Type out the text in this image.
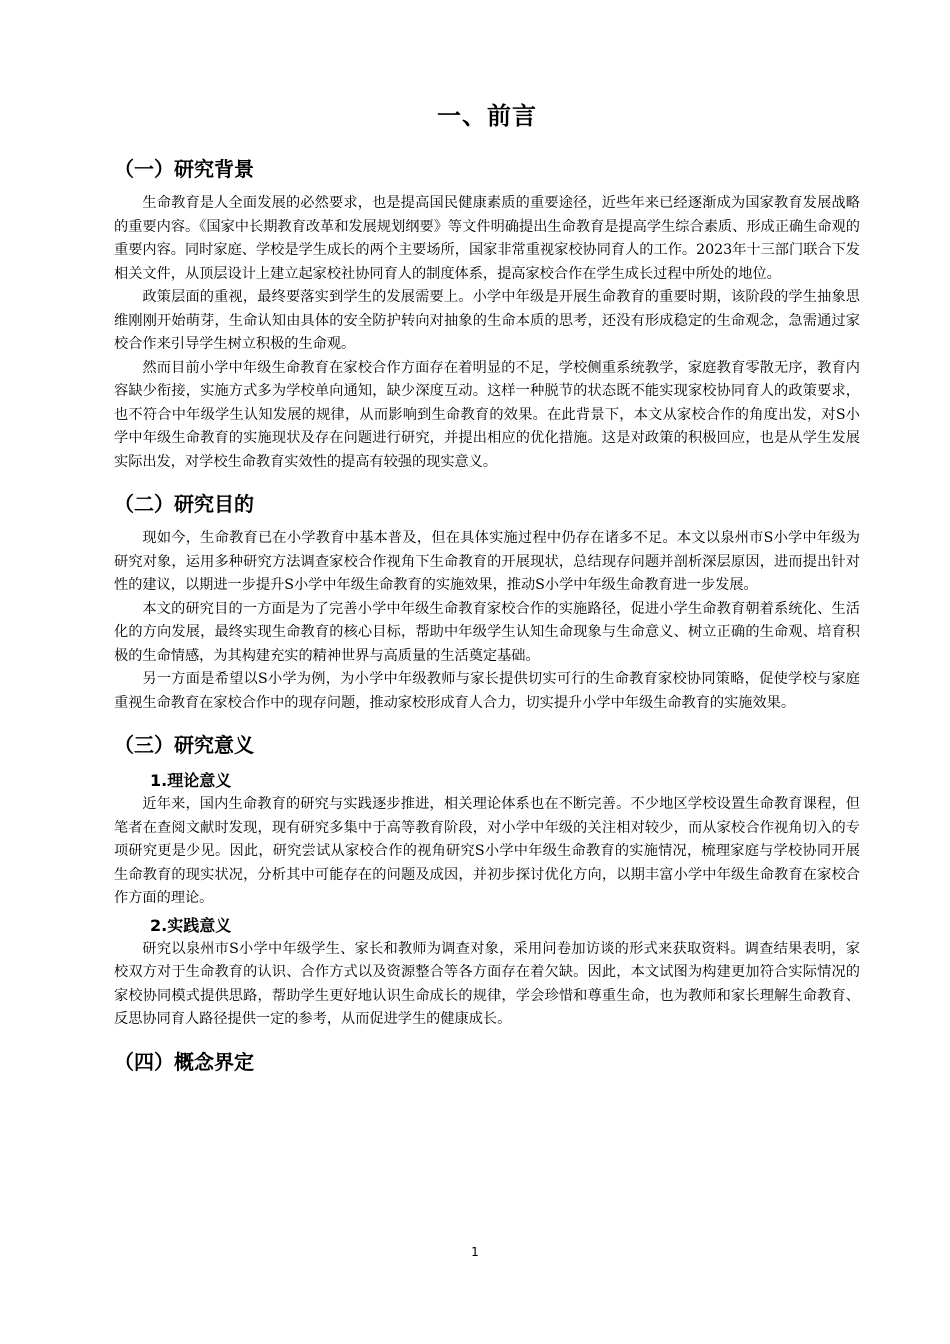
一、前言
（一）研究背景

生命教育是人全面发展的必然要求，也是提高国民健康素质的重要途径，近些年来已经逐渐成为国家教育发展战略的重要内容。《国家中长期教育改革和发展规划纲要》等文件明确提出生命教育是提高学生综合素质、形成正确生命观的重要内容。同时家庭、学校是学生成长的两个主要场所，国家非常重视家校协同育人的工作。2023年十三部门联合下发相关文件，从顶层设计上建立起家校社协同育人的制度体系，提高家校合作在学生成长过程中所处的地位。

政策层面的重视，最终要落实到学生的发展需要上。小学中年级是开展生命教育的重要时期，该阶段的学生抽象思维刚刚开始萌芽，生命认知由具体的安全防护转向对抽象的生命本质的思考，还没有形成稳定的生命观念，急需通过家校合作来引导学生树立积极的生命观。

然而目前小学中年级生命教育在家校合作方面存在着明显的不足，学校侧重系统教学，家庭教育零散无序，教育内容缺少衔接，实施方式多为学校单向通知，缺少深度互动。这样一种脱节的状态既不能实现家校协同育人的政策要求，也不符合中年级学生认知发展的规律，从而影响到生命教育的效果。在此背景下，本文从家校合作的角度出发，对S小学中年级生命教育的实施现状及存在问题进行研究，并提出相应的优化措施。这是对政策的积极回应，也是从学生发展实际出发，对学校生命教育实效性的提高有较强的现实意义。

（二）研究目的

现如今，生命教育已在小学教育中基本普及，但在具体实施过程中仍存在诸多不足。本文以泉州市S小学中年级为研究对象，运用多种研究方法调查家校合作视角下生命教育的开展现状，总结现存问题并剖析深层原因，进而提出针对性的建议，以期进一步提升S小学中年级生命教育的实施效果，推动S小学中年级生命教育进一步发展。

本文的研究目的一方面是为了完善小学中年级生命教育家校合作的实施路径，促进小学生命教育朝着系统化、生活化的方向发展，最终实现生命教育的核心目标，帮助中年级学生认知生命现象与生命意义、树立正确的生命观、培育积极的生命情感，为其构建充实的精神世界与高质量的生活奠定基础。

另一方面是希望以S小学为例，为小学中年级教师与家长提供切实可行的生命教育家校协同策略，促使学校与家庭重视生命教育在家校合作中的现存问题，推动家校形成育人合力，切实提升小学中年级生命教育的实施效果。

（三）研究意义
1.理论意义

近年来，国内生命教育的研究与实践逐步推进，相关理论体系也在不断完善。不少地区学校设置生命教育课程，但笔者在查阅文献时发现，现有研究多集中于高等教育阶段，对小学中年级的关注相对较少，而从家校合作视角切入的专项研究更是少见。因此，研究尝试从家校合作的视角研究S小学中年级生命教育的实施情况，梳理家庭与学校协同开展生命教育的现实状况，分析其中可能存在的问题及成因，并初步探讨优化方向，以期丰富小学中年级生命教育在家校合作方面的理论。

2.实践意义

研究以泉州市S小学中年级学生、家长和教师为调查对象，采用问卷加访谈的形式来获取资料。调查结果表明，家校双方对于生命教育的认识、合作方式以及资源整合等各方面存在着欠缺。因此，本文试图为构建更加符合实际情况的家校协同模式提供思路，帮助学生更好地认识生命成长的规律，学会珍惜和尊重生命，也为教师和家长理解生命教育、反思协同育人路径提供一定的参考，从而促进学生的健康成长。

（四）概念界定
1
